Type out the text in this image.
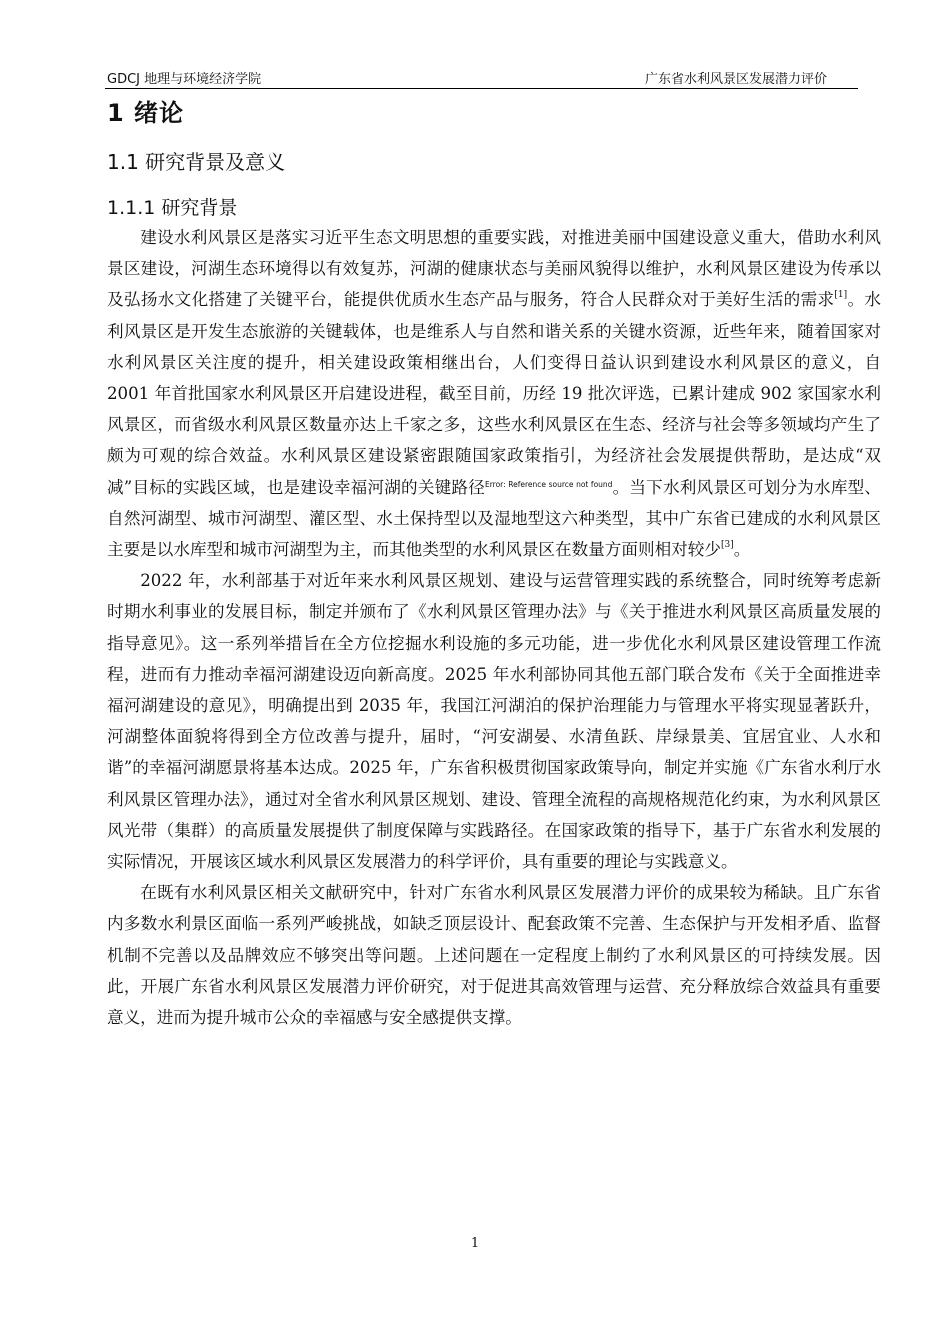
GDCJ 地理与环境经济学院	广东省水利风景区发展潜力评价
1 绪论
1.1 研究背景及意义
1.1.1 研究背景

建设水利风景区是落实习近平生态文明思想的重要实践，对推进美丽中国建设意义重大，借助水利风景区建设，河湖生态环境得以有效复苏，河湖的健康状态与美丽风貌得以维护，水利风景区建设为传承以及弘扬水文化搭建了关键平台，能提供优质水生态产品与服务，符合人民群众对于美好生活的需求[1]。水利风景区是开发生态旅游的关键载体，也是维系人与自然和谐关系的关键水资源，近些年来，随着国家对水利风景区关注度的提升，相关建设政策相继出台，人们变得日益认识到建设水利风景区的意义，自 2001 年首批国家水利风景区开启建设进程，截至目前，历经 19 批次评选，已累计建成 902 家国家水利风景区，而省级水利风景区数量亦达上千家之多，这些水利风景区在生态、经济与社会等多领域均产生了颇为可观的综合效益。水利风景区建设紧密跟随国家政策指引，为经济社会发展提供帮助，是达成“双减”目标的实践区域，也是建设幸福河湖的关键路径$^{Error: Reference source not found}$。当下水利风景区可划分为水库型、自然河湖型、城市河湖型、灌区型、水土保持型以及湿地型这六种类型，其中广东省已建成的水利风景区主要是以水库型和城市河湖型为主，而其他类型的水利风景区在数量方面则相对较少[3]。

2022 年，水利部基于对近年来水利风景区规划、建设与运营管理实践的系统整合，同时统筹考虑新时期水利事业的发展目标，制定并颁布了《水利风景区管理办法》与《关于推进水利风景区高质量发展的指导意见》。这一系列举措旨在全方位挖掘水利设施的多元功能，进一步优化水利风景区建设管理工作流程，进而有力推动幸福河湖建设迈向新高度。2025 年水利部协同其他五部门联合发布《关于全面推进幸福河湖建设的意见》，明确提出到 2035 年，我国江河湖泊的保护治理能力与管理水平将实现显著跃升，河湖整体面貌将得到全方位改善与提升，届时，“河安湖晏、水清鱼跃、岸绿景美、宜居宜业、人水和谐”的幸福河湖愿景将基本达成。2025 年，广东省积极贯彻国家政策导向，制定并实施《广东省水利厅水利风景区管理办法》，通过对全省水利风景区规划、建设、管理全流程的高规格规范化约束，为水利风景区风光带（集群）的高质量发展提供了制度保障与实践路径。在国家政策的指导下，基于广东省水利发展的实际情况，开展该区域水利风景区发展潜力的科学评价，具有重要的理论与实践意义。

在既有水利风景区相关文献研究中，针对广东省水利风景区发展潜力评价的成果较为稀缺。且广东省内多数水利景区面临一系列严峻挑战，如缺乏顶层设计、配套政策不完善、生态保护与开发相矛盾、监督机制不完善以及品牌效应不够突出等问题。上述问题在一定程度上制约了水利风景区的可持续发展。因此，开展广东省水利风景区发展潜力评价研究，对于促进其高效管理与运营、充分释放综合效益具有重要意义，进而为提升城市公众的幸福感与安全感提供支撑。

1
